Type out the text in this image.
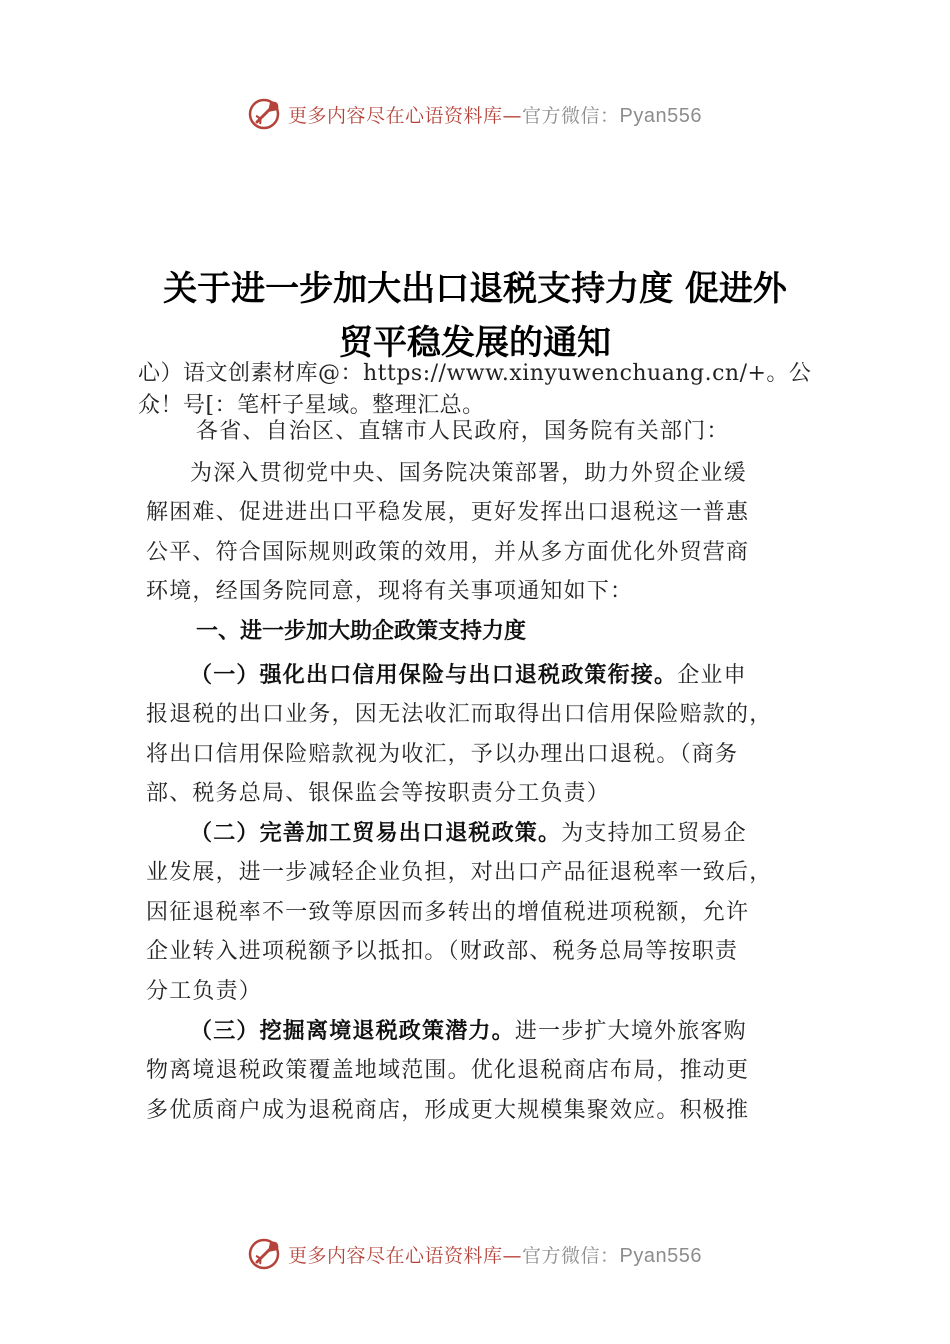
更多内容尽在心语资料库—官方微信：Pyan556
关于进一步加大出口退税支持力度 促进外
贸平稳发展的通知
心）语文创素材库@：https://www.xinyuwenchuang.cn/+。公
众！号[：笔杆子星域。整理汇总。
各省、自治区、直辖市人民政府，国务院有关部门：
为深入贯彻党中央、国务院决策部署，助力外贸企业缓
解困难、促进进出口平稳发展，更好发挥出口退税这一普惠
公平、符合国际规则政策的效用，并从多方面优化外贸营商
环境，经国务院同意，现将有关事项通知如下：
一、进一步加大助企政策支持力度
（一）强化出口信用保险与出口退税政策衔接。企业申
报退税的出口业务，因无法收汇而取得出口信用保险赔款的，
将出口信用保险赔款视为收汇，予以办理出口退税。（商务
部、税务总局、银保监会等按职责分工负责）
（二）完善加工贸易出口退税政策。为支持加工贸易企
业发展，进一步减轻企业负担，对出口产品征退税率一致后，
因征退税率不一致等原因而多转出的增值税进项税额，允许
企业转入进项税额予以抵扣。（财政部、税务总局等按职责
分工负责）
（三）挖掘离境退税政策潜力。进一步扩大境外旅客购
物离境退税政策覆盖地域范围。优化退税商店布局，推动更
多优质商户成为退税商店，形成更大规模集聚效应。积极推
更多内容尽在心语资料库—官方微信：Pyan556
